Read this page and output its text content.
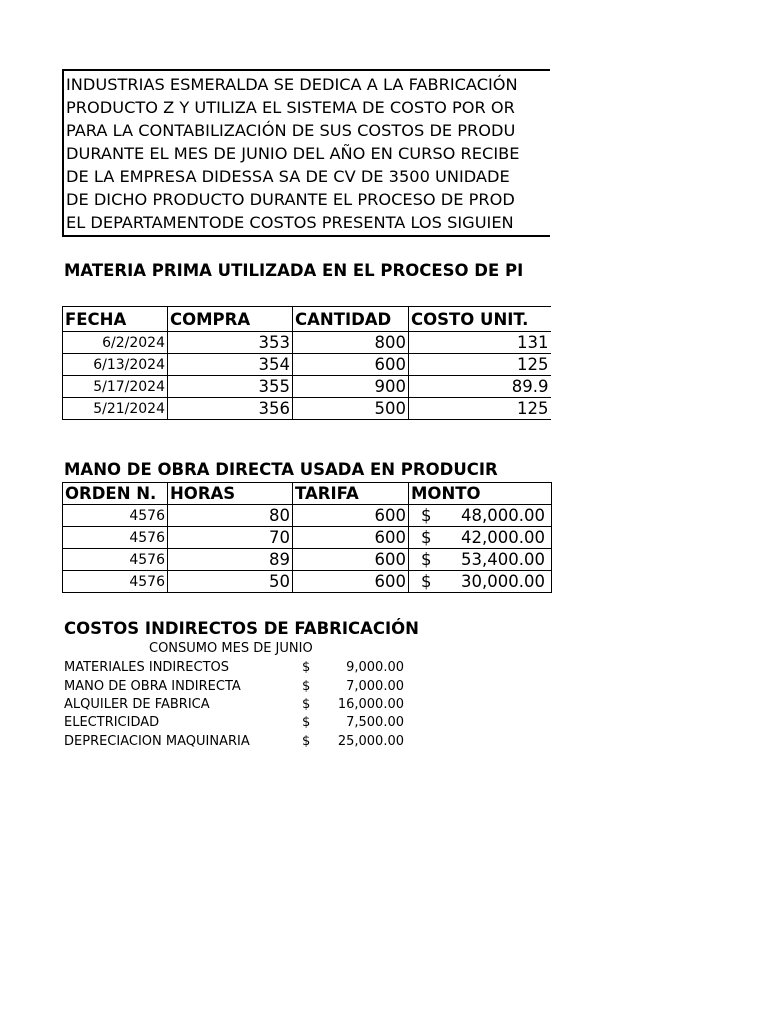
INDUSTRIAS ESMERALDA SE DEDICA A LA FABRICACIÓN
PRODUCTO Z Y UTILIZA EL SISTEMA DE COSTO POR OR
PARA LA CONTABILIZACIÓN DE SUS COSTOS DE PRODU
DURANTE EL MES DE JUNIO DEL AÑO EN CURSO RECIBE
DE LA EMPRESA DIDESSA SA DE CV DE 3500 UNIDADE
DE DICHO PRODUCTO DURANTE EL PROCESO DE PROD
EL DEPARTAMENTODE COSTOS PRESENTA LOS SIGUIEN
MATERIA PRIMA UTILIZADA EN EL PROCESO DE PI
FECHA	COMPRA	CANTIDAD	COSTO UNIT.
6/2/2024	353	800	131
6/13/2024	354	600	125
5/17/2024	355	900	89.9
5/21/2024	356	500	125
MANO DE OBRA DIRECTA USADA EN PRODUCIR
ORDEN N.	HORAS	TARIFA	MONTO
4576	80	600	$ 48,000.00

4576	70	600	$ 42,000.00

4576	89	600	$ 53,400.00

4576	50	600	$ 30,000.00
COSTOS INDIRECTOS DE FABRICACIÓN
CONSUMO MES DE JUNIO
MATERIALES INDIRECTOS	$	9,000.00
MANO DE OBRA INDIRECTA	$	7,000.00
ALQUILER DE FABRICA	$ 16,000.00
ELECTRICIDAD	$	7,500.00
DEPRECIACION MAQUINARIA	$ 25,000.00
